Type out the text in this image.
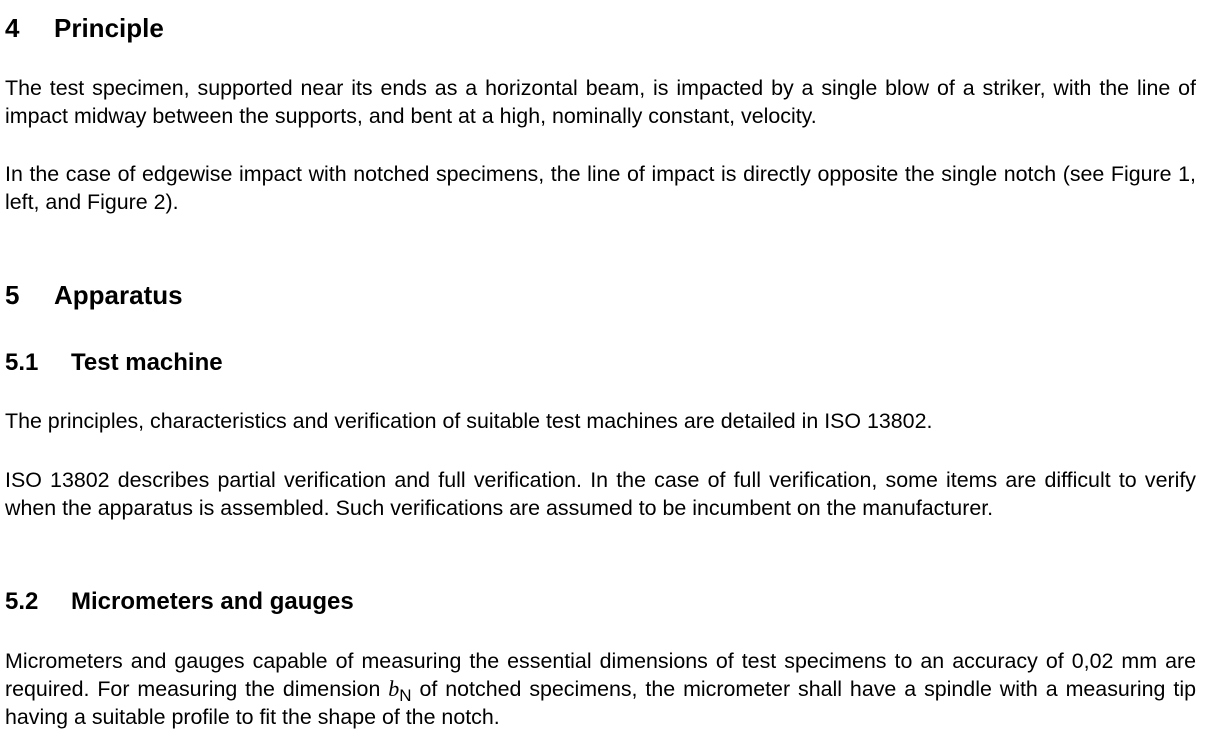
4 Principle
The test specimen, supported near its ends as a horizontal beam, is impacted by a single blow of a striker, with the line of impact midway between the supports, and bent at a high, nominally constant, velocity.
In the case of edgewise impact with notched specimens, the line of impact is directly opposite the single notch (see Figure 1, left, and Figure 2).
5 Apparatus
5.1 Test machine
The principles, characteristics and verification of suitable test machines are detailed in ISO 13802.
ISO 13802 describes partial verification and full verification. In the case of full verification, some items are difficult to verify when the apparatus is assembled. Such verifications are assumed to be incumbent on the manufacturer.
5.2 Micrometers and gauges
Micrometers and gauges capable of measuring the essential dimensions of test specimens to an accuracy of 0,02 mm are required. For measuring the dimension $b_N$ of notched specimens, the micrometer shall have a spindle with a measuring tip having a suitable profile to fit the shape of the notch.
